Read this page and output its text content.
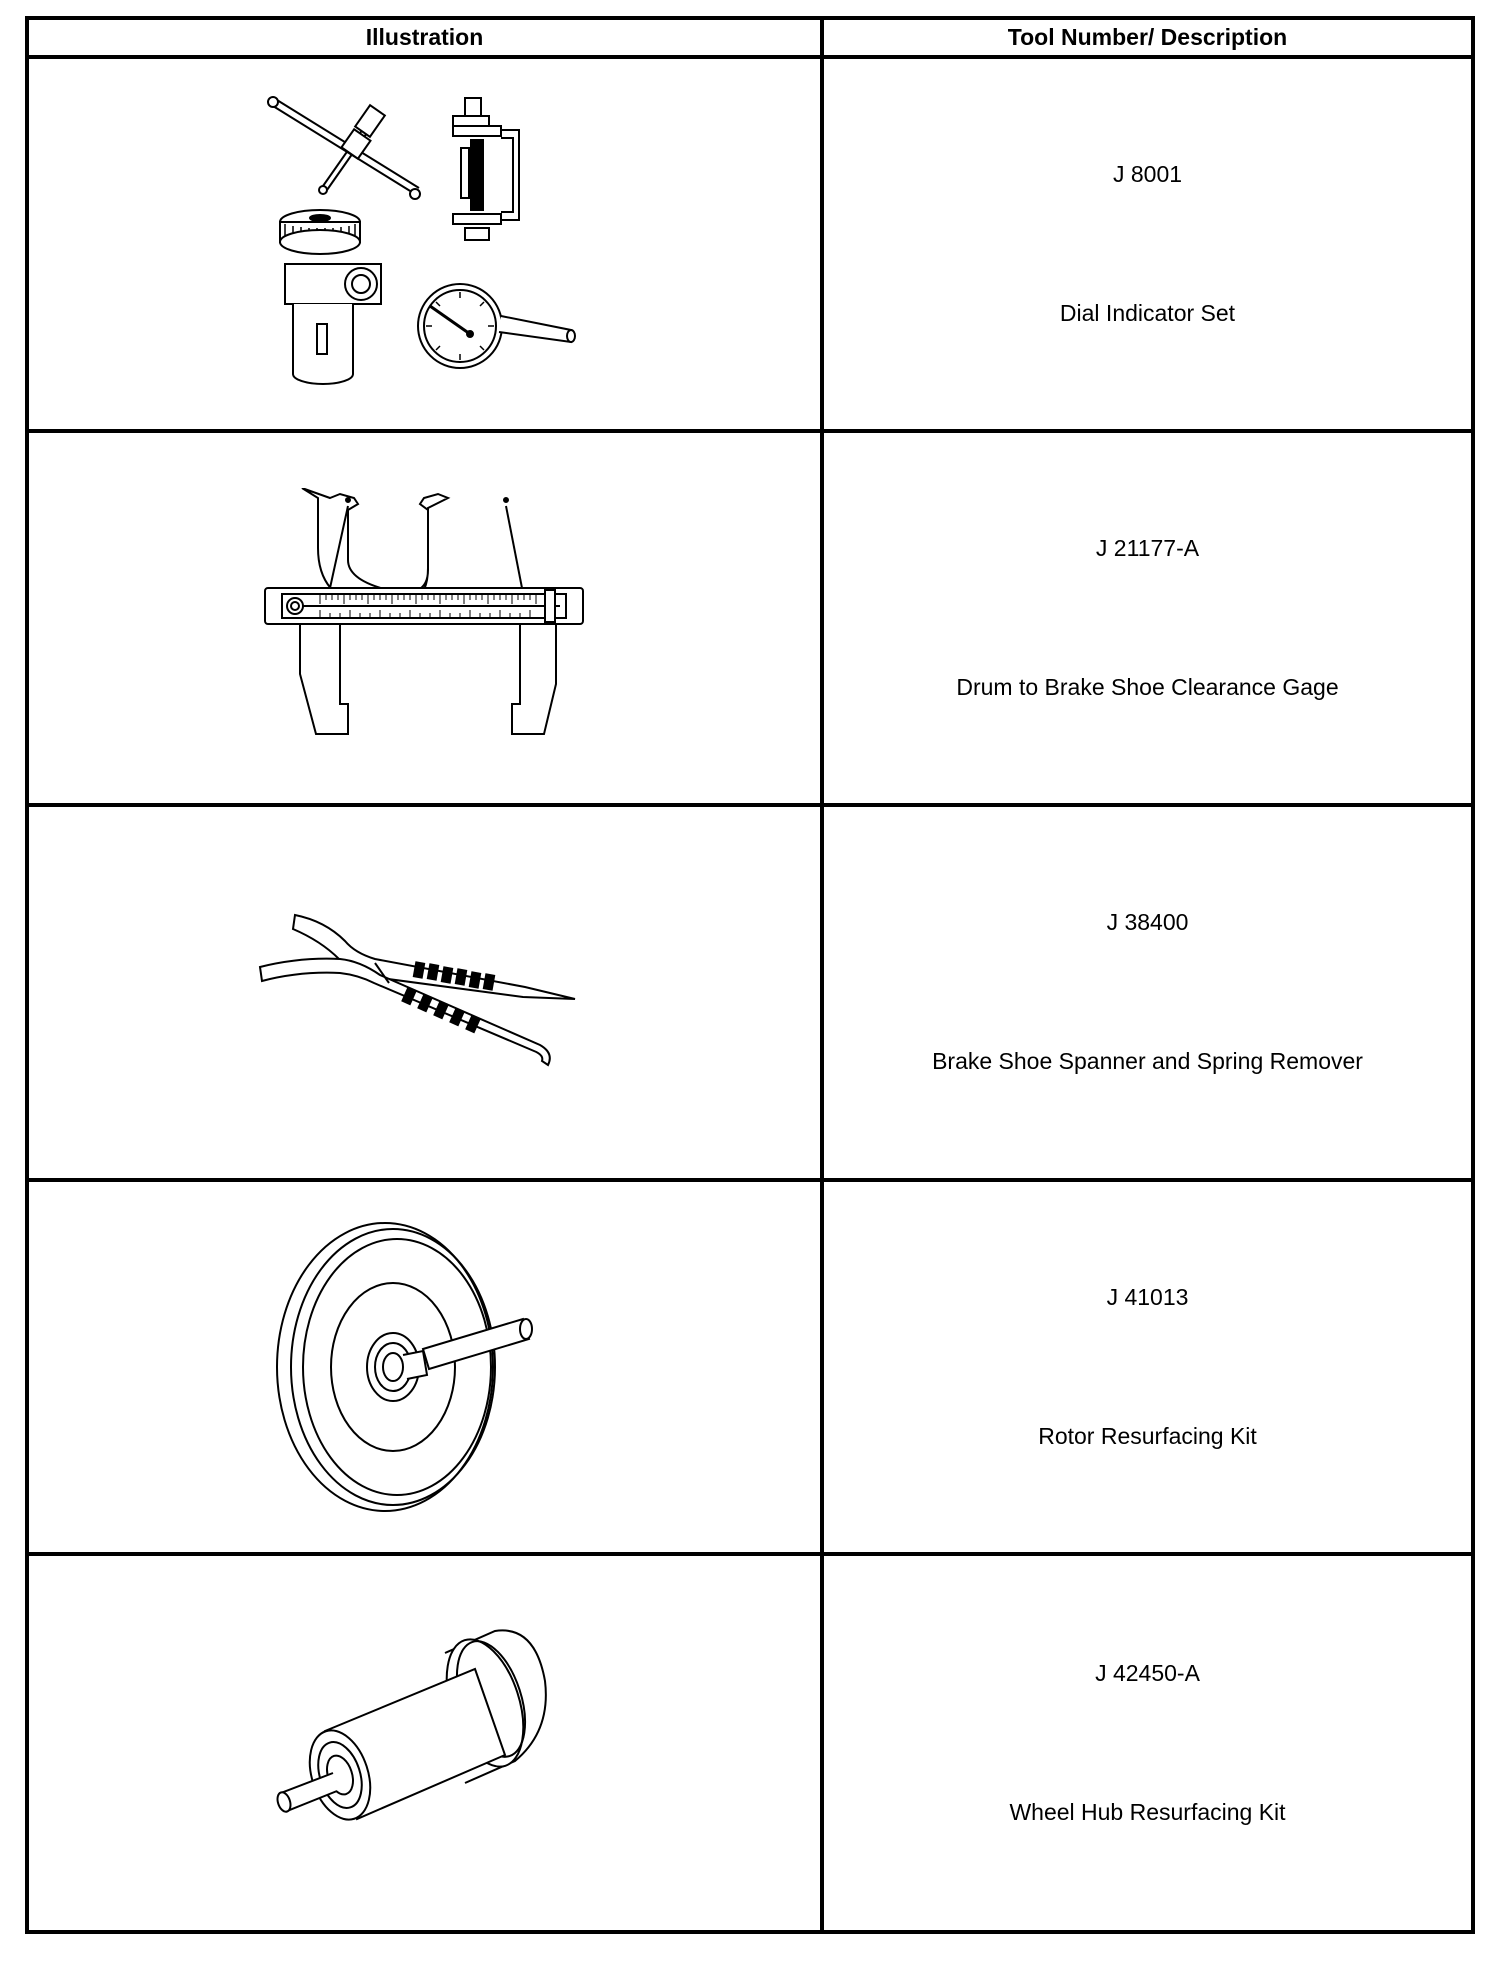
Illustration	Tool Number/ Description
J 8001
Dial Indicator Set
J 21177-A
Drum to Brake Shoe Clearance Gage
J 38400
Brake Shoe Spanner and Spring Remover
J 41013
Rotor Resurfacing Kit
J 42450-A
Wheel Hub Resurfacing Kit
